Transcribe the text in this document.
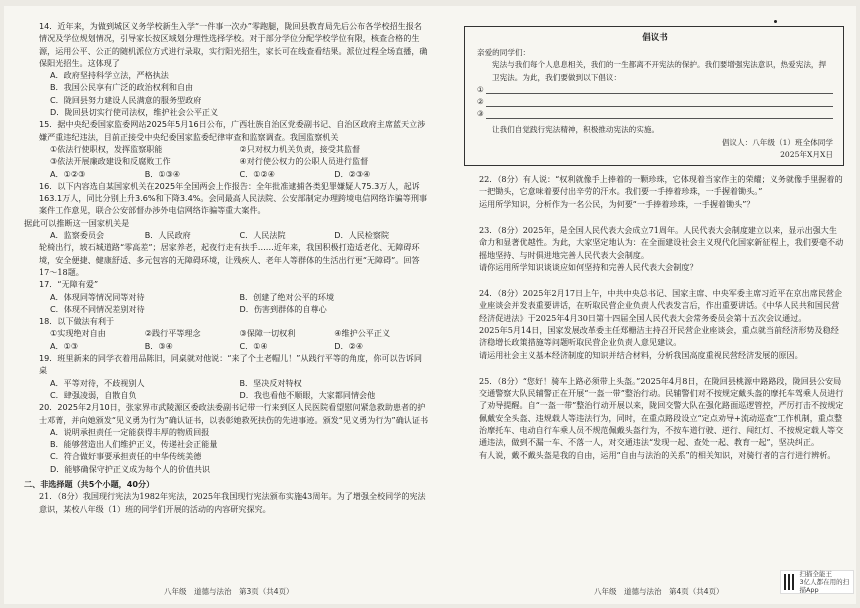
14．近年来，为做到城区义务学校新生入学“一件事一次办”零跑腿，陇回县教育局先后公布各学校招生报名情况及学位规划情况，引导家长按区域划分理性选择学校。对于部分学位分配学校学位有限，核查合格的生源，运用公平、公正的随机派位方式进行录取，实行阳光招生，家长可在线查看结果。派位过程全场直播，确保阳光招生。这体现了

A．政府坚持科学立法，严格执法

B．我国公民享有广泛的政治权利和自由

C．陇回县努力建设人民满意的服务型政府

D．陇回县切实行使司法权，维护社会公平正义

15．据中央纪委国家监委网站2025年5月16日公布，广西壮族自治区党委副书记、自治区政府主席蓝天立涉嫌严重违纪违法，目前正接受中央纪委国家监委纪律审查和监察调查。我国监察机关

①依法行使职权，发挥监察职能	②只对权力机关负责，接受其监督
③依法开展廉政建设和反腐败工作	④对行使公权力的公职人员进行监督
A．①②③	B．①③④	C．①②④	D．②③④

16．以下内容选自某国家机关在2025年全国两会上作报告：全年批准逮捕各类犯罪嫌疑人75.3万人，起诉163.1万人，同比分别上升3.6%和下降3.4%。会同最高人民法院、公安部制定办理跨境电信网络诈骗等刑事案件工作意见，联合公安部督办涉外电信网络诈骗等重大案件。

据此可以推断这一国家机关是

A．监察委员会	B．人民政府	C．人民法院	D．人民检察院

轮椅出行，坡石城道路“零高差”；居家养老，起夜行走有扶手……近年来，我国积极打造适老化、无障碍环境，安全便捷、健康舒适、多元包容的无障碍环境，让残疾人、老年人等群体的生活出行更“无障碍”。回答17～18题。

17．“无障有爱”

A．体现同等情况同等对待	B．创建了绝对公平的环境
C．体现不同情况差别对待	D．伤害到群体的自尊心

18．以下做法有利于

①实现绝对自由	②践行平等理念	③保障一切权利	④维护公平正义
A．①③	B．③④	C．①④	D．②④

19．班里新来的同学衣着用品陈旧，同桌就对他说：“来了个土老帽儿！”从践行平等的角度，你可以告诉同桌

A．平等对待，不歧视别人	B．坚决反对特权
C．肆强凌弱，自散自负	D．我也看他不顺眼，大家都同情会他

20．2025年2月10日，张家界市武陵源区委政法委副书记带一行来到区人民医院看望慰问紧急救助患者的护士邓菁，并向她颁发“见义勇为行为”确认证书，以表彰她救死扶伤的先进事迹。颁发“见义勇为行为”确认证书

A．说明承担责任一定能获得丰厚的物质回报

B．能够营造出人们维护正义，传递社会正能量

C．符合做好事要承担责任的中华传统美德

D．能够确保守护正义成为每个人的价值共识

二、非选择题（共5个小题，40分）

21．（8分）我国现行宪法为1982年宪法，2025年我国现行宪法颁布实施43周年。为了增强全校同学的宪法意识，某校八年级（1）班的同学们开展的活动的内容研究探究。

八年级　道德与法治　第3页（共4页）
倡议书
亲爱的同学们：
宪法与我们每个人息息相关，我们的一生都离不开宪法的保护。我们要增强宪法意识，热爱宪法，捍卫宪法。为此，我们要做到以下倡议：
①
②
③
让我们自觉践行宪法精神，积极推动宪法的实施。
倡议人：八年级（1）班全体同学
2025年X月X日

22．（8分）有人说：“权利就像手上捧着的一颗珍珠，它体现着当家作主的荣耀；义务就像手里握着的一把锄头，它意味着要付出辛劳的汗水。我们要一手捧着珍珠，一手握着锄头。”

运用所学知识，分析作为一名公民，为何要“一手捧着珍珠，一手握着锄头”？

23．（8分）2025年，是全国人民代表大会成立71周年。人民代表大会制度建立以来，显示出强大生命力和显著优越性。为此，大家坚定地认为：在全面建设社会主义现代化国家新征程上，我们要毫不动摇地坚持、与时俱进地完善人民代表大会制度。

请你运用所学知识谈谈应如何坚持和完善人民代表大会制度？

24．（8分）2025年2月17日上午，中共中央总书记、国家主席、中央军委主席习近平在京出席民营企业座谈会并发表重要讲话，在听取民营企业负责人代表发言后，作出重要讲话。《中华人民共和国民营经济促进法》于2025年4月30日第十四届全国人民代表大会常务委员会第十五次会议通过。

2025年5月14日，国家发展改革委主任郑栅洁主持召开民营企业座谈会，重点就当前经济形势及稳经济稳增长政策措施等问题听取民营企业负责人意见建议。

请运用社会主义基本经济制度的知识并结合材料，分析我国高度重视民营经济发展的原因。

25．（8分）“您好！骑车上路必须带上头盔。”2025年4月8日，在陇回县桃源中路路段，陇回县公安局交通警察大队民辅警正在开展“一盔一带”整治行动。民辅警们对不按规定戴头盔的摩托车驾乘人员进行了劝导提醒。自“一盔一带”整治行动开展以来，陇回交警大队在强化路面巡逻管控，严厉打击不按规定佩戴安全头盔、违规载人等违法行为，同时，在重点路段设立“定点劝导+流动巡查”工作机制，重点整治摩托车、电动自行车乘人员不规范佩戴头盔行为，不按车道行驶、逆行、闯红灯、不按规定载人等交通违法，做到不漏一车、不落一人，对交通违法“发现一起、查处一起、教育一起”，坚决纠正。

有人说，戴不戴头盔是我的自由，运用“自由与法治的关系”的相关知识，对骑行者的言行进行辨析。

八年级　道德与法治　第4页（共4页）
扫描全能王
3亿人都在用的扫描App
